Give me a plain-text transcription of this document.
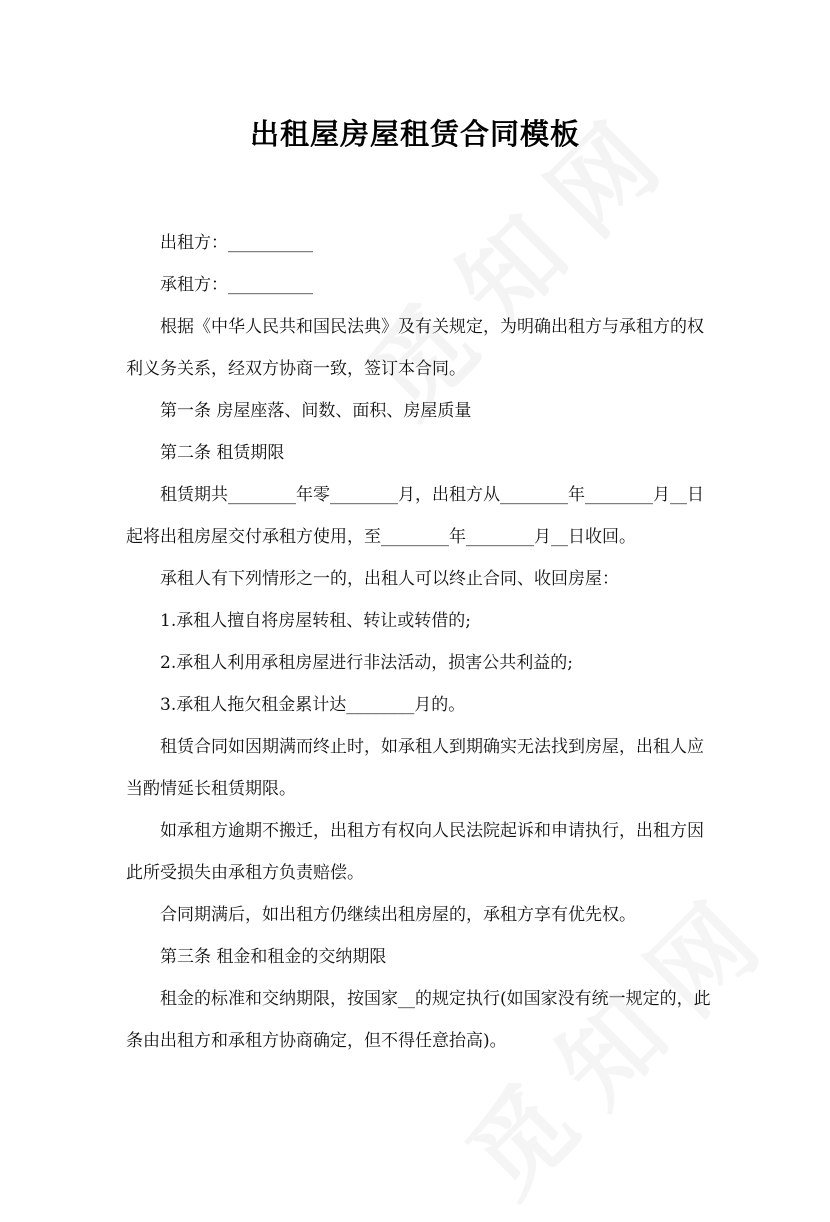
出租屋房屋租赁合同模板

出租方：__________

承租方：__________

根据《中华人民共和国民法典》及有关规定，为明确出租方与承租方的权利义务关系，经双方协商一致，签订本合同。

第一条 房屋座落、间数、面积、房屋质量

第二条 租赁期限

租赁期共________年零________月，出租方从________年________月__日起将出租房屋交付承租方使用，至________年________月__日收回。

承租人有下列情形之一的，出租人可以终止合同、收回房屋：

1.承租人擅自将房屋转租、转让或转借的;

2.承租人利用承租房屋进行非法活动，损害公共利益的;

3.承租人拖欠租金累计达________月的。

租赁合同如因期满而终止时，如承租人到期确实无法找到房屋，出租人应当酌情延长租赁期限。

如承租方逾期不搬迁，出租方有权向人民法院起诉和申请执行，出租方因此所受损失由承租方负责赔偿。

合同期满后，如出租方仍继续出租房屋的，承租方享有优先权。

第三条 租金和租金的交纳期限

租金的标准和交纳期限，按国家__的规定执行(如国家没有统一规定的，此条由出租方和承租方协商确定，但不得任意抬高)。
